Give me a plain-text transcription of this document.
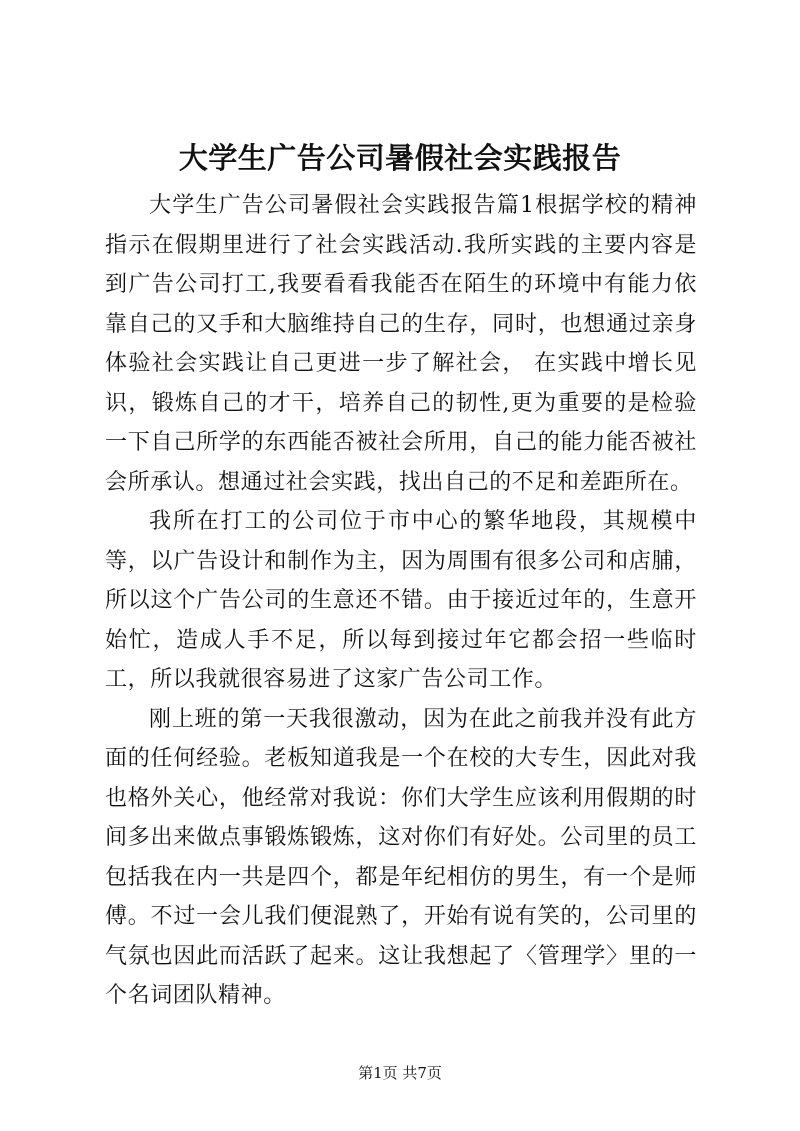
大学生广告公司暑假社会实践报告

大学生广告公司暑假社会实践报告篇1根据学校的精神指示在假期里进行了社会实践活动.我所实践的主要内容是到广告公司打工,我要看看我能否在陌生的环境中有能力依靠自己的又手和大脑维持自己的生存，同时，也想通过亲身体验社会实践让自己更进一步了解社会， 在实践中增长见识，锻炼自己的才干，培养自己的韧性,更为重要的是检验一下自己所学的东西能否被社会所用，自己的能力能否被社会所承认。想通过社会实践，找出自己的不足和差距所在。

我所在打工的公司位于市中心的繁华地段，其规模中等，以广告设计和制作为主，因为周围有很多公司和店脯，所以这个广告公司的生意还不错。由于接近过年的，生意开始忙，造成人手不足，所以每到接过年它都会招一些临时工，所以我就很容易进了这家广告公司工作。

刚上班的第一天我很激动，因为在此之前我并没有此方面的任何经验。老板知道我是一个在校的大专生，因此对我也格外关心，他经常对我说：你们大学生应该利用假期的时间多出来做点事锻炼锻炼，这对你们有好处。公司里的员工包括我在内一共是四个，都是年纪相仿的男生，有一个是师傅。不过一会儿我们便混熟了，开始有说有笑的，公司里的气氛也因此而活跃了起来。这让我想起了〈管理学〉里的一个名词团队精神。

第1页 共7页
